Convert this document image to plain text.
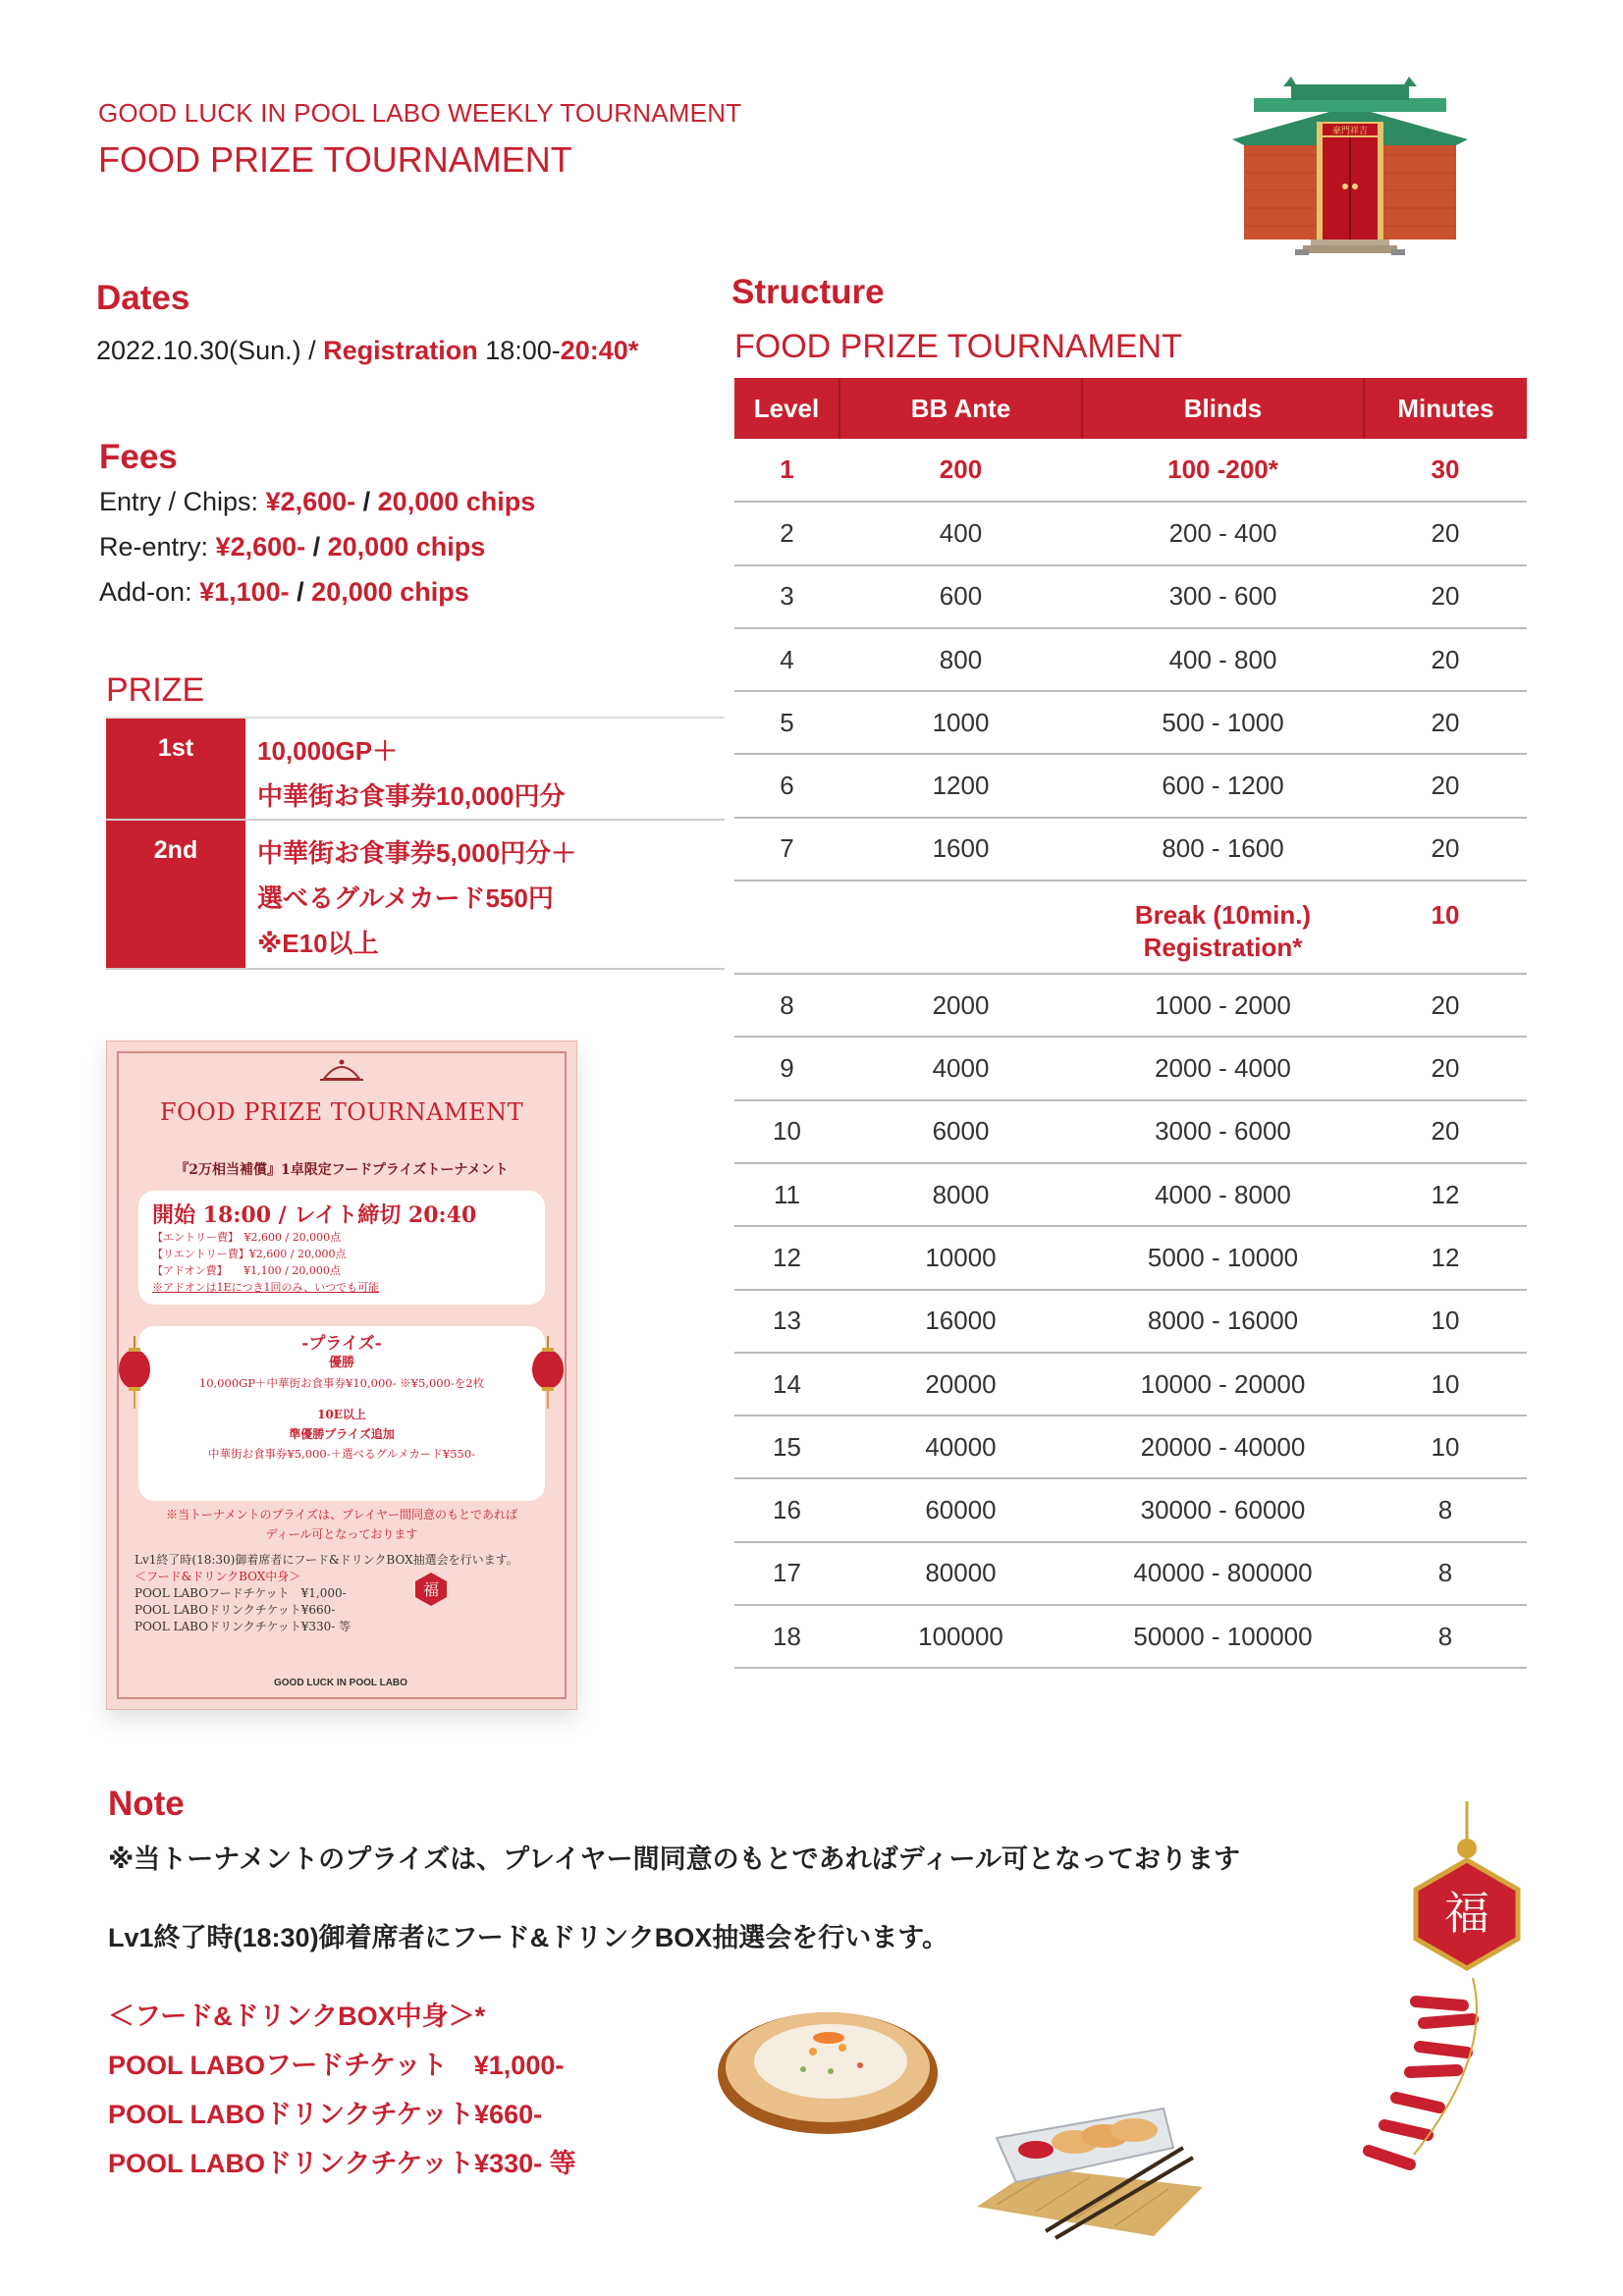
GOOD LUCK IN POOL LABO WEEKLY TOURNAMENT
FOOD PRIZE TOURNAMENT
豪門祥吉
Dates
2022.10.30(Sun.) / Registration 18:00-20:40*
Fees
Entry / Chips: ¥2,600- / 20,000 chips
Re-entry: ¥2,600- / 20,000 chips
Add-on: ¥1,100- / 20,000 chips
PRIZE
1st	10,000GP＋
中華街お食事券10,000円分
2nd	中華街お食事券5,000円分＋
選べるグルメカード550円
※E10以上
Structure
FOOD PRIZE TOURNAMENT
Level	BB Ante	Blinds	Minutes
1	200	100 -200*	30
2	400	200 - 400	20
3	600	300 - 600	20
4	800	400 - 800	20
5	1000	500 - 1000	20
6	1200	600 - 1200	20
7	1600	800 - 1600	20
		Break (10min.)
Registration*	10
8	2000	1000 - 2000	20
9	4000	2000 - 4000	20
10	6000	3000 - 6000	20
11	8000	4000 - 8000	12
12	10000	5000 - 10000	12
13	16000	8000 - 16000	10
14	20000	10000 - 20000	10
15	40000	20000 - 40000	10
16	60000	30000 - 60000	8
17	80000	40000 - 800000	8
18	100000	50000 - 100000	8
FOOD PRIZE TOURNAMENT
『2万相当補償』1卓限定フードプライズトーナメント
開始 18:00 / レイト締切 20:40
【エントリー費】　¥2,600 / 20,000点
【リエントリー費】¥2,600 / 20,000点
【アドオン費】　　¥1,100 / 20,000点
※アドオンは1Eにつき1回のみ、いつでも可能
-プライズ-
優勝
10,000GP＋中華街お食事券¥10,000- ※¥5,000-を2枚
10E以上
準優勝プライズ追加
中華街お食事券¥5,000-＋選べるグルメカード¥550-
※当トーナメントのプライズは、プレイヤー間同意のもとであれば
ディール可となっております
Lv1終了時(18:30)御着席者にフード&ドリンクBOX抽選会を行います。
＜フード&ドリンクBOX中身＞
POOL LABOフードチケット　¥1,000-
POOL LABOドリンクチケット¥660-
POOL LABOドリンクチケット¥330- 等
福
GOOD LUCK IN POOL LABO
Note
※当トーナメントのプライズは、プレイヤー間同意のもとであればディール可となっております
Lv1終了時(18:30)御着席者にフード&ドリンクBOX抽選会を行います。
＜フード&ドリンクBOX中身＞*
POOL LABOフードチケット　¥1,000-
POOL LABOドリンクチケット¥660-
POOL LABOドリンクチケット¥330- 等
福
